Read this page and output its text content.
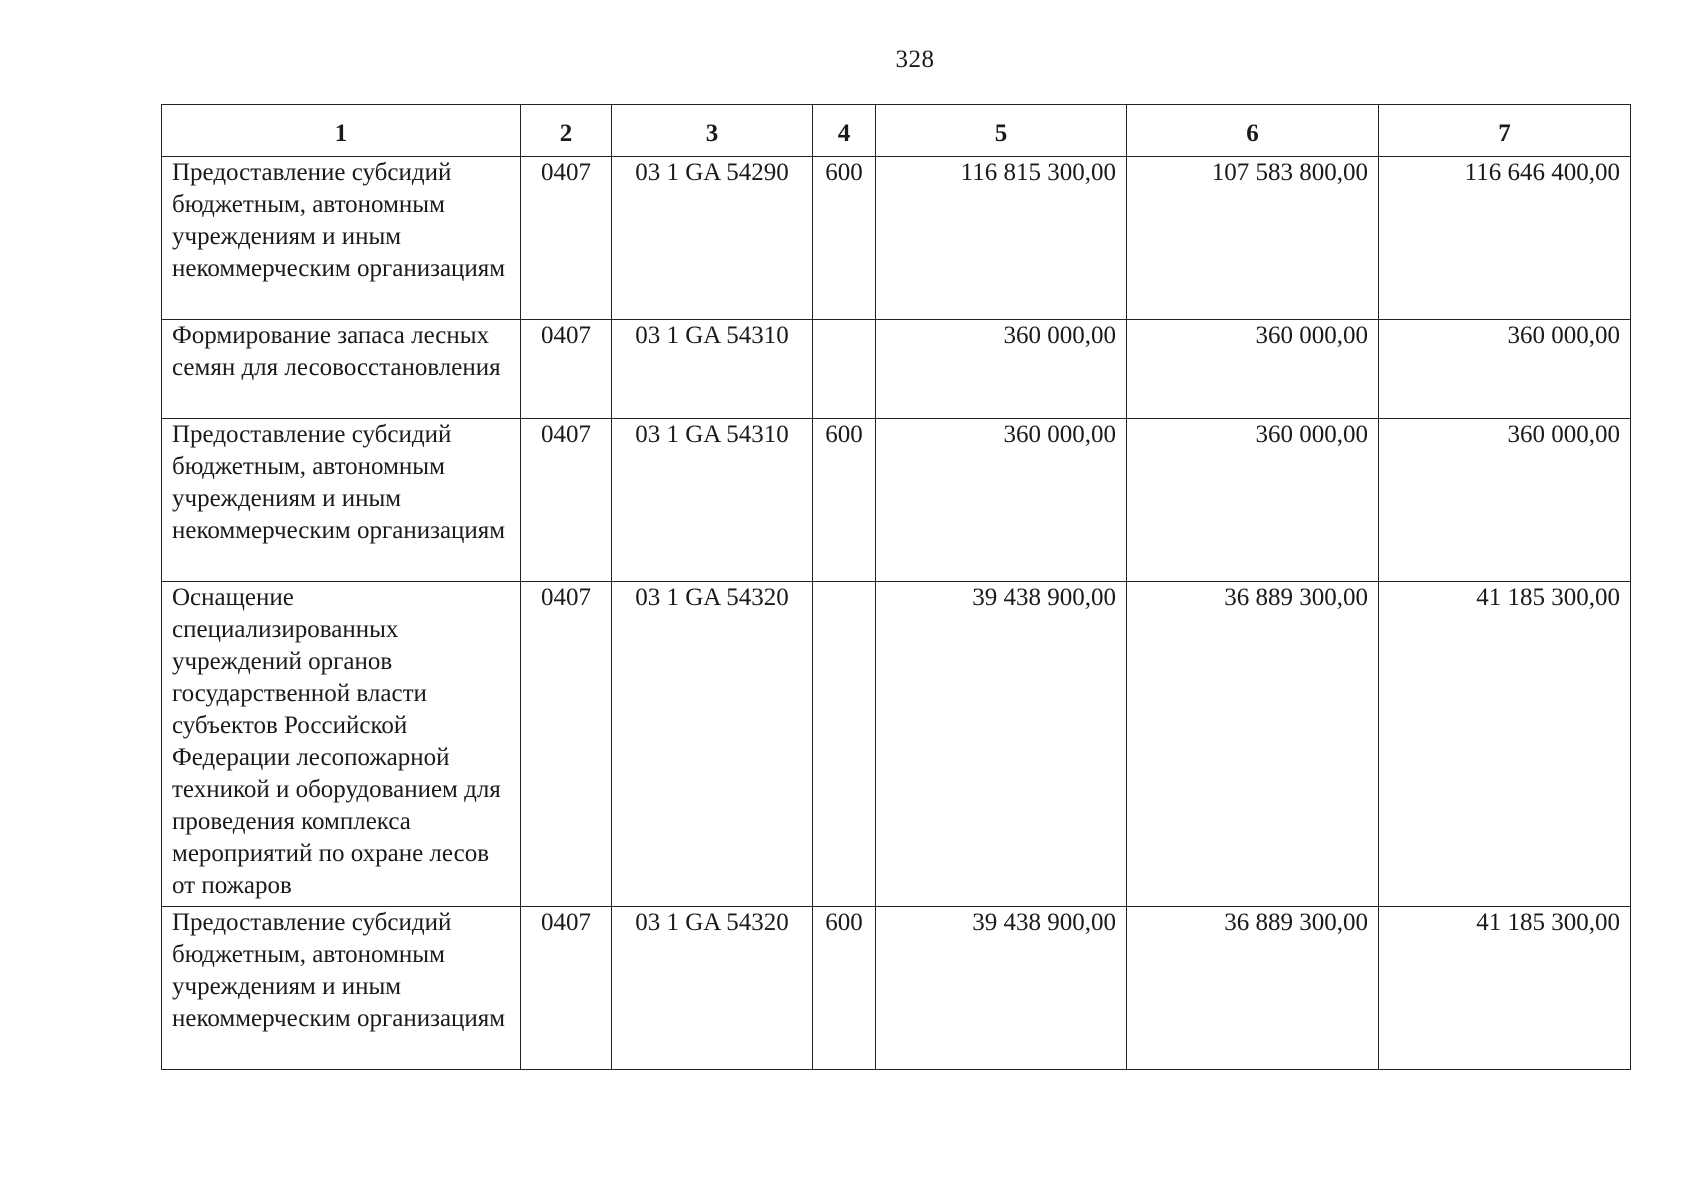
328
1	2	3	4	5	6	7
Предоставление субсидий бюджетным, автономным учреждениям и иным некоммерческим организациям	0407	03 1 GA 54290	600	116 815 300,00	107 583 800,00	116 646 400,00
Формирование запаса лесных семян для лесовосстановления	0407	03 1 GA 54310		360 000,00	360 000,00	360 000,00
Предоставление субсидий бюджетным, автономным учреждениям и иным некоммерческим организациям	0407	03 1 GA 54310	600	360 000,00	360 000,00	360 000,00
Оснащение специализированных учреждений органов государственной власти субъектов Российской Федерации лесопожарной техникой и оборудованием для проведения комплекса мероприятий по охране лесов от пожаров	0407	03 1 GA 54320		39 438 900,00	36 889 300,00	41 185 300,00
Предоставление субсидий бюджетным, автономным учреждениям и иным некоммерческим организациям	0407	03 1 GA 54320	600	39 438 900,00	36 889 300,00	41 185 300,00
